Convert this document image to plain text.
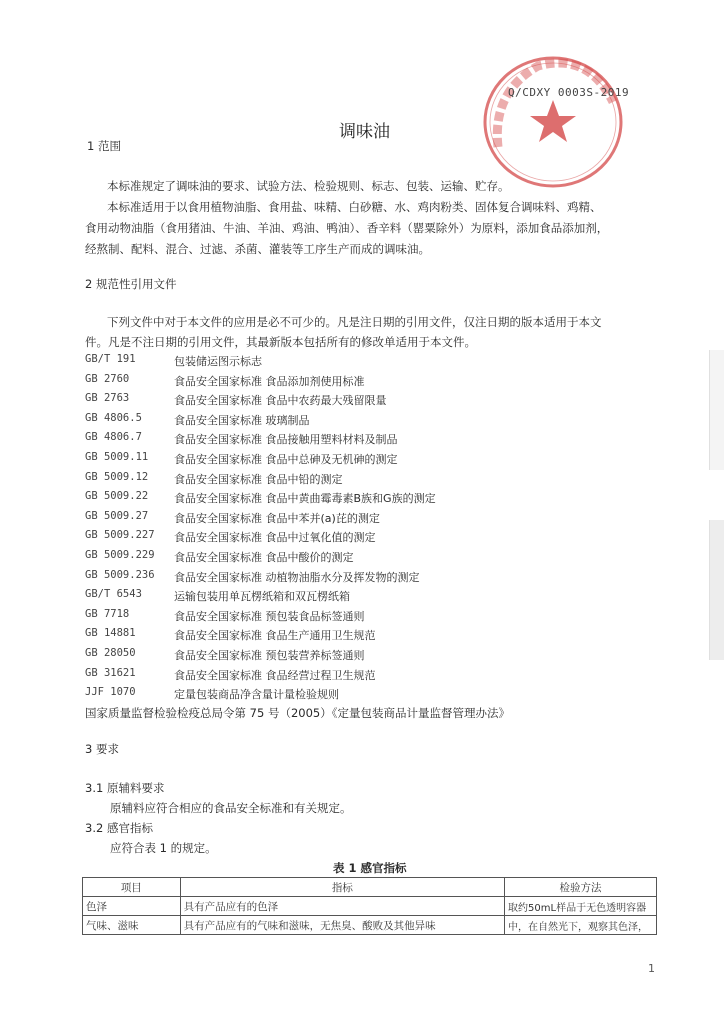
Q/CDXY 0003S-2019
调味油
1 范围
本标准规定了调味油的要求、试验方法、检验规则、标志、包装、运输、贮存。
本标准适用于以食用植物油脂、食用盐、味精、白砂糖、水、鸡肉粉类、固体复合调味料、鸡精、
食用动物油脂（食用猪油、牛油、羊油、鸡油、鸭油）、香辛料（罂粟除外）为原料，添加食品添加剂，
经熬制、配料、混合、过滤、杀菌、灌装等工序生产而成的调味油。
2 规范性引用文件
下列文件中对于本文件的应用是必不可少的。凡是注日期的引用文件，仅注日期的版本适用于本文
件。凡是不注日期的引用文件，其最新版本包括所有的修改单适用于本文件。
GB/T 191	包装储运图示标志
GB 2760	食品安全国家标准 食品添加剂使用标准
GB 2763	食品安全国家标准 食品中农药最大残留限量
GB 4806.5	食品安全国家标准 玻璃制品
GB 4806.7	食品安全国家标准 食品接触用塑料材料及制品
GB 5009.11 食品安全国家标准 食品中总砷及无机砷的测定
GB 5009.12 食品安全国家标准 食品中铅的测定
GB 5009.22 食品安全国家标准 食品中黄曲霉毒素B族和G族的测定
GB 5009.27 食品安全国家标准 食品中苯并(a)芘的测定
GB 5009.227 食品安全国家标准 食品中过氧化值的测定
GB 5009.229 食品安全国家标准 食品中酸价的测定
GB 5009.236 食品安全国家标准 动植物油脂水分及挥发物的测定
GB/T 6543	运输包装用单瓦楞纸箱和双瓦楞纸箱
GB 7718	食品安全国家标准 预包装食品标签通则
GB 14881	食品安全国家标准 食品生产通用卫生规范
GB 28050	食品安全国家标准 预包装营养标签通则
GB 31621	食品安全国家标准 食品经营过程卫生规范
JJF 1070	定量包装商品净含量计量检验规则
国家质量监督检验检疫总局令第 75 号（2005）《定量包装商品计量监督管理办法》
3 要求
3.1 原辅料要求
原辅料应符合相应的食品安全标准和有关规定。
3.2 感官指标
应符合表 1 的规定。
表 1 感官指标
项目	指标	检验方法
色泽	具有产品应有的色泽	取约50mL样品于无色透明容器
气味、滋味	具有产品应有的气味和滋味，无焦臭、酸败及其他异味	中，在自然光下，观察其色泽，
1
